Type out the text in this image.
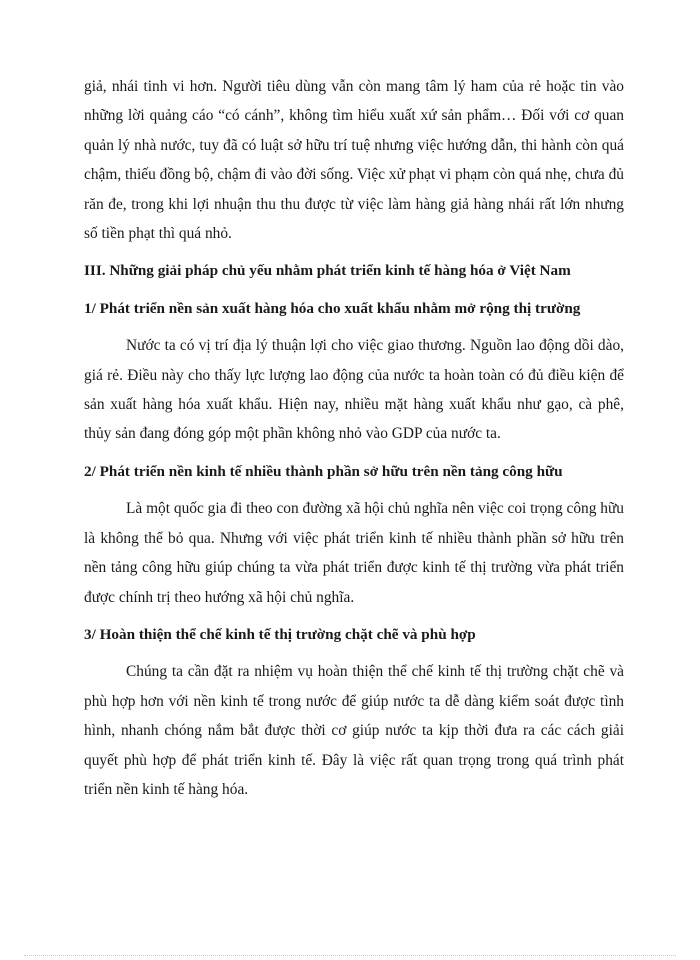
giả, nhái tinh vi hơn. Người tiêu dùng vẫn còn mang tâm lý ham của rẻ hoặc tin vào những lời quảng cáo “có cánh”, không tìm hiểu xuất xứ sản phẩm… Đối với cơ quan quản lý nhà nước, tuy đã có luật sở hữu trí tuệ nhưng việc hướng dẫn, thi hành còn quá chậm, thiếu đồng bộ, chậm đi vào đời sống. Việc xử phạt vi phạm còn quá nhẹ, chưa đủ răn đe, trong khi lợi nhuận thu thu được từ việc làm hàng giả hàng nhái rất lớn nhưng số tiền phạt thì quá nhỏ.

III. Những giải pháp chủ yếu nhằm phát triển kinh tế hàng hóa ở Việt Nam
1/ Phát triển nền sản xuất hàng hóa cho xuất khẩu nhằm mở rộng thị trường

Nước ta có vị trí địa lý thuận lợi cho việc giao thương. Nguồn lao động dồi dào, giá rẻ. Điều này cho thấy lực lượng lao động của nước ta hoàn toàn có đủ điều kiện để sản xuất hàng hóa xuất khẩu. Hiện nay, nhiều mặt hàng xuất khẩu như gạo, cà phê, thủy sản đang đóng góp một phần không nhỏ vào GDP của nước ta.

2/ Phát triển nền kinh tế nhiều thành phần sở hữu trên nền tảng công hữu

Là một quốc gia đi theo con đường xã hội chủ nghĩa nên việc coi trọng công hữu là không thể bỏ qua. Nhưng với việc phát triển kinh tế nhiều thành phần sở hữu trên nền tảng công hữu giúp chúng ta vừa phát triển được kinh tế thị trường vừa phát triển được chính trị theo hướng xã hội chủ nghĩa.

3/ Hoàn thiện thể chế kinh tế thị trường chặt chẽ và phù hợp

Chúng ta cần đặt ra nhiệm vụ hoàn thiện thể chế kinh tế thị trường chặt chẽ và phù hợp hơn với nền kinh tế trong nước để giúp nước ta dễ dàng kiểm soát được tình hình, nhanh chóng nắm bắt được thời cơ giúp nước ta kịp thời đưa ra các cách giải quyết phù hợp để phát triển kinh tế. Đây là việc rất quan trọng trong quá trình phát triển nền kinh tế hàng hóa.
